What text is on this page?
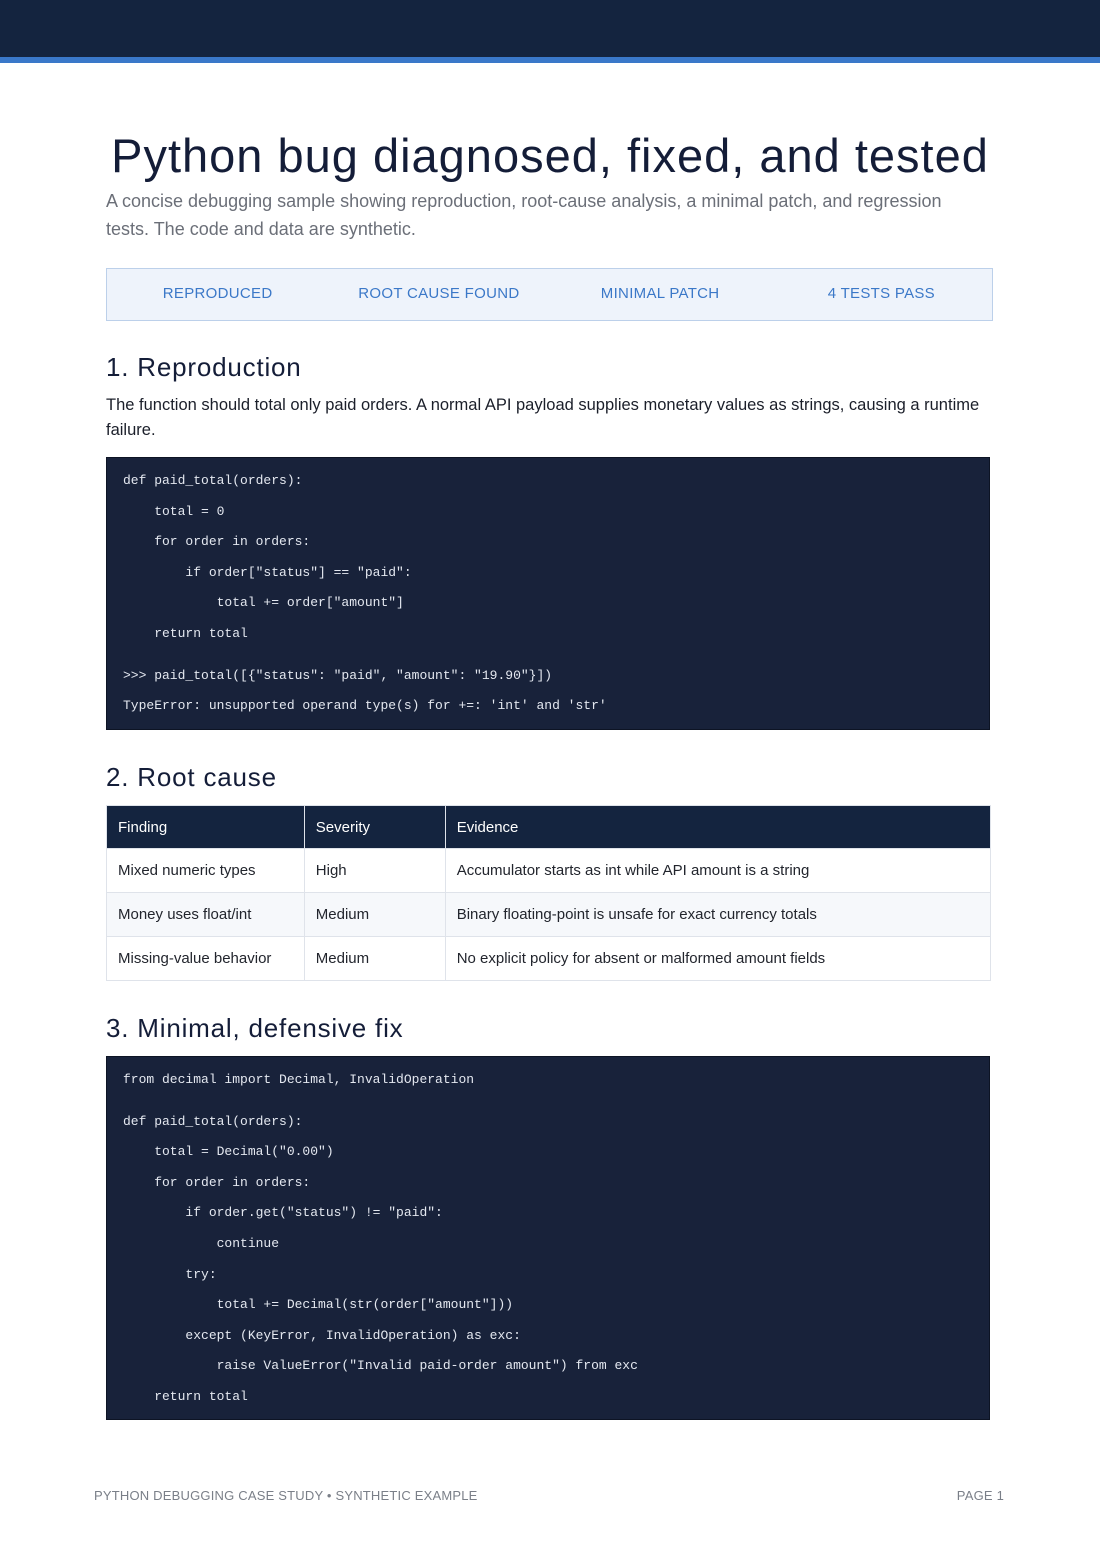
Python bug diagnosed, fixed, and tested

A concise debugging sample showing reproduction, root-cause analysis, a minimal patch, and regression tests. The code and data are synthetic.

REPRODUCED	ROOT CAUSE FOUND	MINIMAL PATCH	4 TESTS PASS
1. Reproduction

The function should total only paid orders. A normal API payload supplies monetary values as strings, causing a runtime failure.

def paid_total(orders):
total = 0
for order in orders:
if order["status"] == "paid":
total += order["amount"]
return total
>>> paid_total([{"status": "paid", "amount": "19.90"}])
TypeError: unsupported operand type(s) for +=: 'int' and 'str'
2. Root cause
Finding	Severity	Evidence
Mixed numeric types	High	Accumulator starts as int while API amount is a string
Money uses float/int	Medium	Binary floating-point is unsafe for exact currency totals
Missing-value behavior	Medium	No explicit policy for absent or malformed amount fields
3. Minimal, defensive fix
from decimal import Decimal, InvalidOperation
def paid_total(orders):
total = Decimal("0.00")
for order in orders:
if order.get("status") != "paid":
continue
try:
total += Decimal(str(order["amount"]))
except (KeyError, InvalidOperation) as exc:
raise ValueError("Invalid paid-order amount") from exc
return total
PYTHON DEBUGGING CASE STUDY • SYNTHETIC EXAMPLE	PAGE 1
